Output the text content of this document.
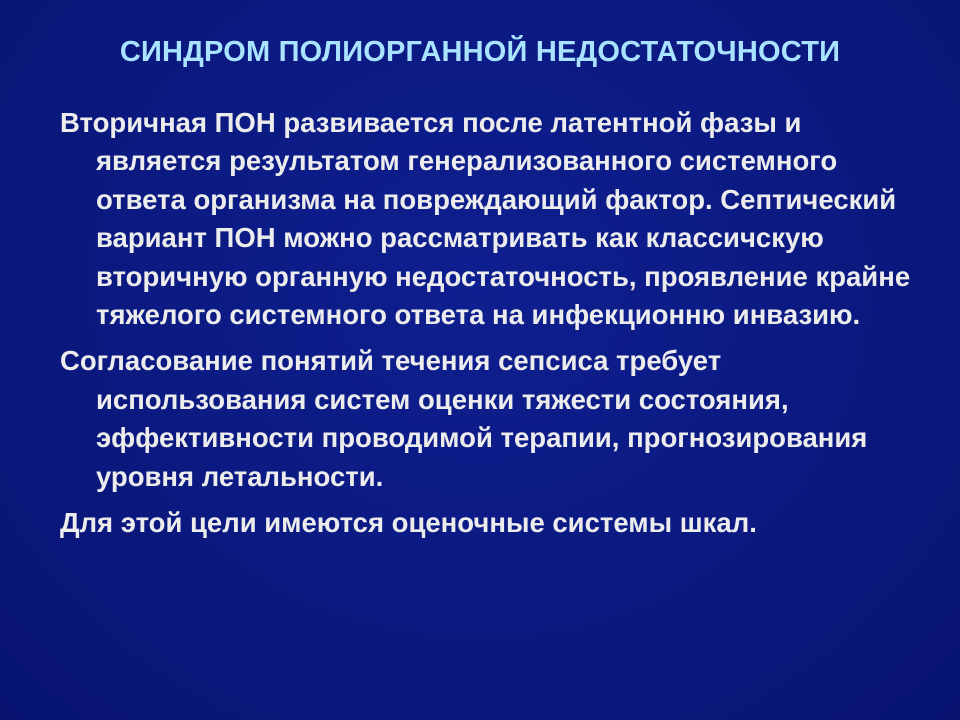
СИНДРОМ ПОЛИОРГАННОЙ НЕДОСТАТОЧНОСТИ

Вторичная ПОН развивается после латентной фазы и является результатом генерализованного системного ответа организма на повреждающий фактор. Септический вариант ПОН можно рассматривать как классичскую вторичную органную недостаточность, проявление крайне тяжелого системного ответа на инфекционню инвазию.

Согласование понятий течения сепсиса требует использования систем оценки тяжести состояния, эффективности проводимой терапии, прогнозирования уровня летальности.

Для этой цели имеются оценочные системы шкал.
